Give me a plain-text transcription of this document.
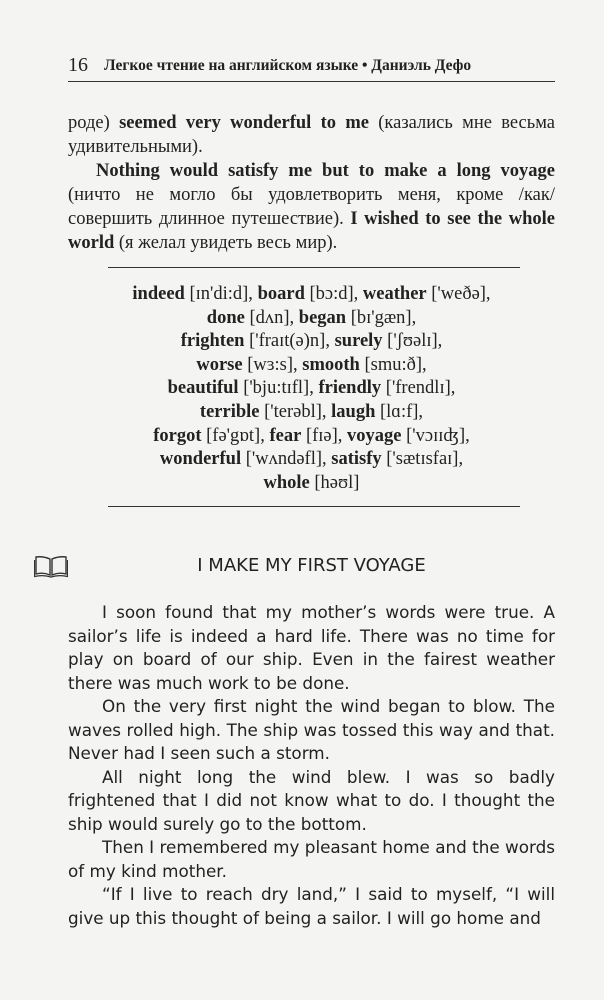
16 Легкое чтение на английском языке • Даниэль Дефо

роде) seemed very wonderful to me (казались мне весьма удивительными).

Nothing would satisfy me but to make a long voyage (ничто не могло бы удовлетворить меня, кроме /как/ совершить длинное путешествие). I wished to see the whole world (я желал увидеть весь мир).

indeed [ɪn'di:d], board [bɔ:d], weather ['weðə],
done [dʌn], began [bɪ'gæn],
frighten ['fraɪt(ə)n], surely ['ʃʊəlɪ],
worse [wɜ:s], smooth [smu:ð],
beautiful ['bju:tɪfl], friendly ['frendlɪ],
terrible ['terəbl], laugh [lɑ:f],
forgot [fə'gɒt], fear [fɪə], voyage ['vɔɪɪʤ],
wonderful ['wʌndəfl], satisfy ['sætɪsfaɪ],
whole [həʊl]
I MAKE MY FIRST VOYAGE

I soon found that my mother’s words were true. A sailor’s life is indeed a hard life. There was no time for play on board of our ship. Even in the fairest weather there was much work to be done.

On the very first night the wind began to blow. The waves rolled high. The ship was tossed this way and that. Never had I seen such a storm.

All night long the wind blew. I was so badly frightened that I did not know what to do. I thought the ship would surely go to the bottom.

Then I remembered my pleasant home and the words of my kind mother.

“If I live to reach dry land,” I said to myself, “I will give up this thought of being a sailor. I will go home and
